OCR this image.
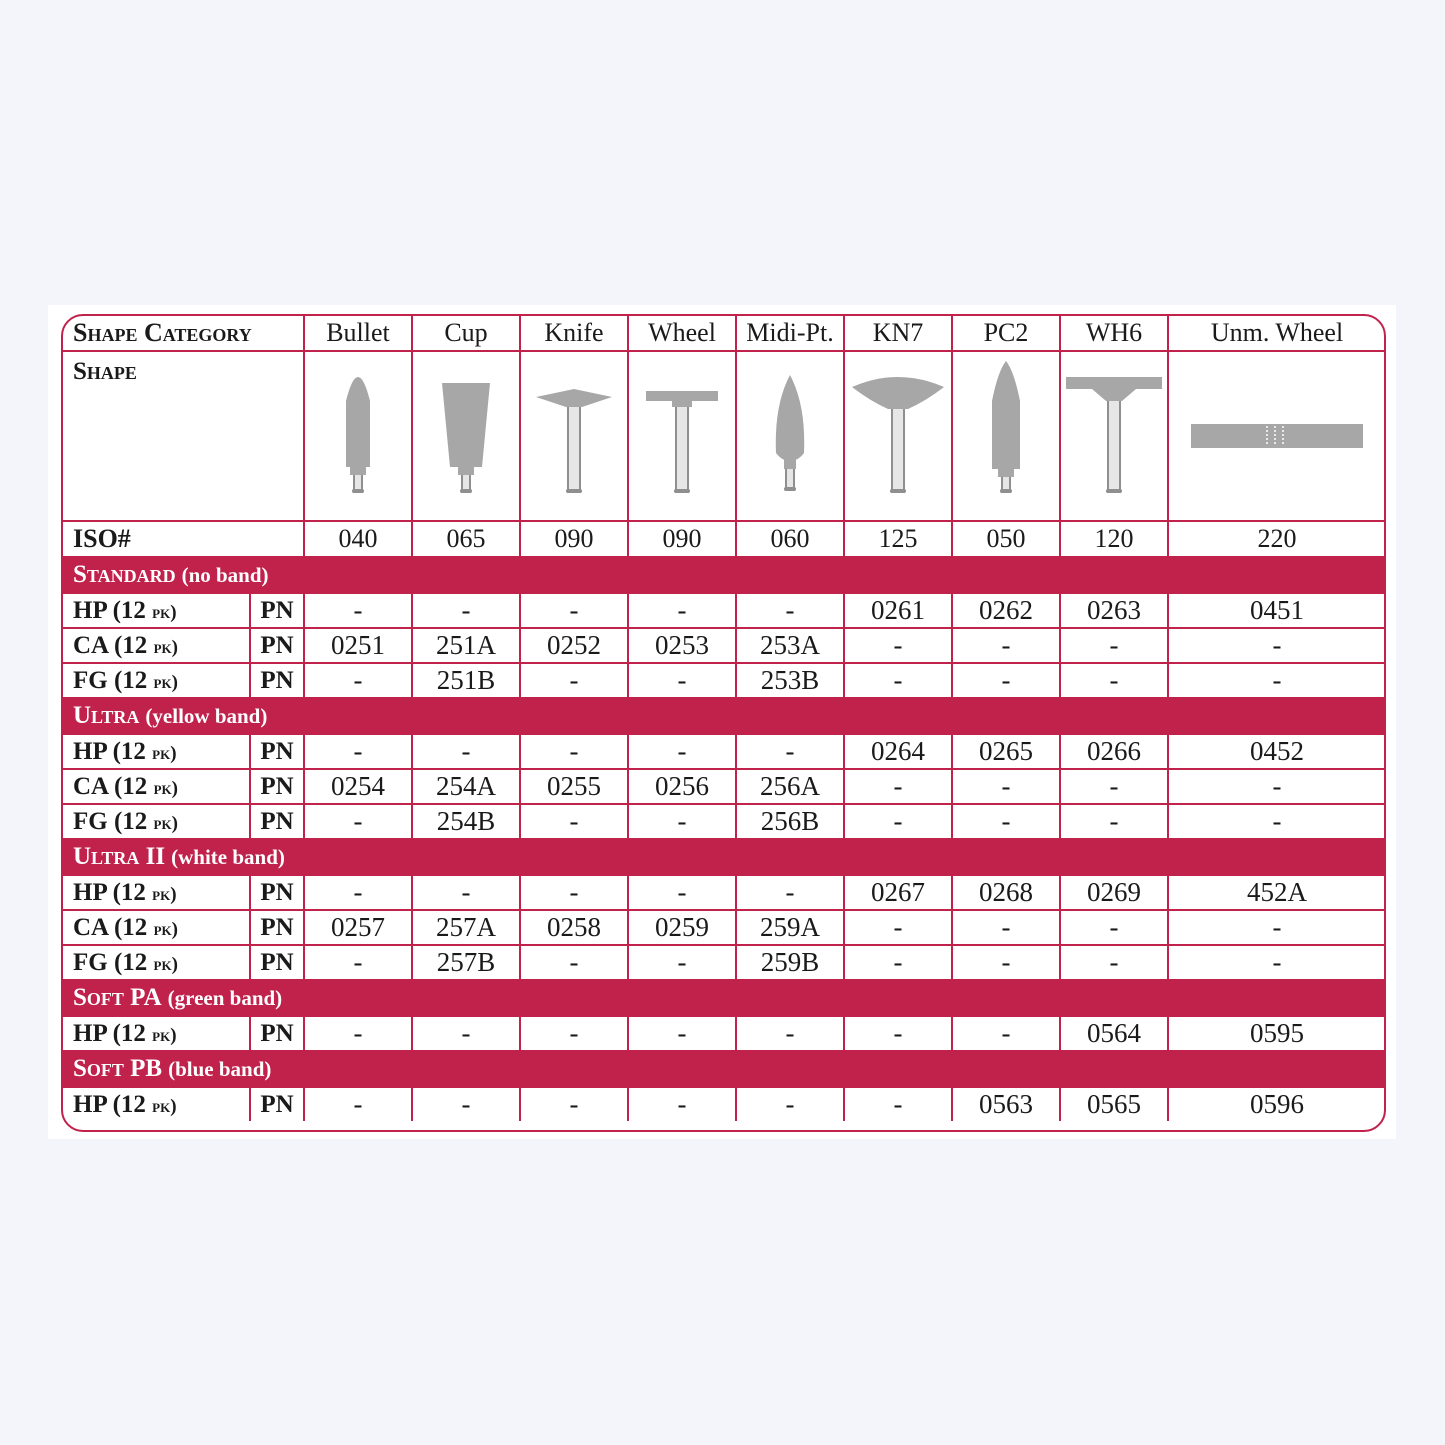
Shape Category		Bullet	Cup	Knife	Wheel	Midi-Pt.	KN7	PC2	WH6	Unm. Wheel
Shape	

ISO#		040	065	090	090	060	125	050	120	220
Standard (no band)										
HP (12 pk)	PN	-	-	-	-	-	0261	0262	0263	0451
CA (12 pk)	PN	0251	251A	0252	0253	253A	-	-	-	-
FG (12 pk)	PN	-	251B	-	-	253B	-	-	-	-
Ultra (yellow band)										
HP (12 pk)	PN	-	-	-	-	-	0264	0265	0266	0452
CA (12 pk)	PN	0254	254A	0255	0256	256A	-	-	-	-
FG (12 pk)	PN	-	254B	-	-	256B	-	-	-	-
Ultra II (white band)										
HP (12 pk)	PN	-	-	-	-	-	0267	0268	0269	452A
CA (12 pk)	PN	0257	257A	0258	0259	259A	-	-	-	-
FG (12 pk)	PN	-	257B	-	-	259B	-	-	-	-
Soft PA (green band)										
HP (12 pk)	PN	-	-	-	-	-	-	-	0564	0595
Soft PB (blue band)										
HP (12 pk)	PN	-	-	-	-	-	-	0563	0565	0596
